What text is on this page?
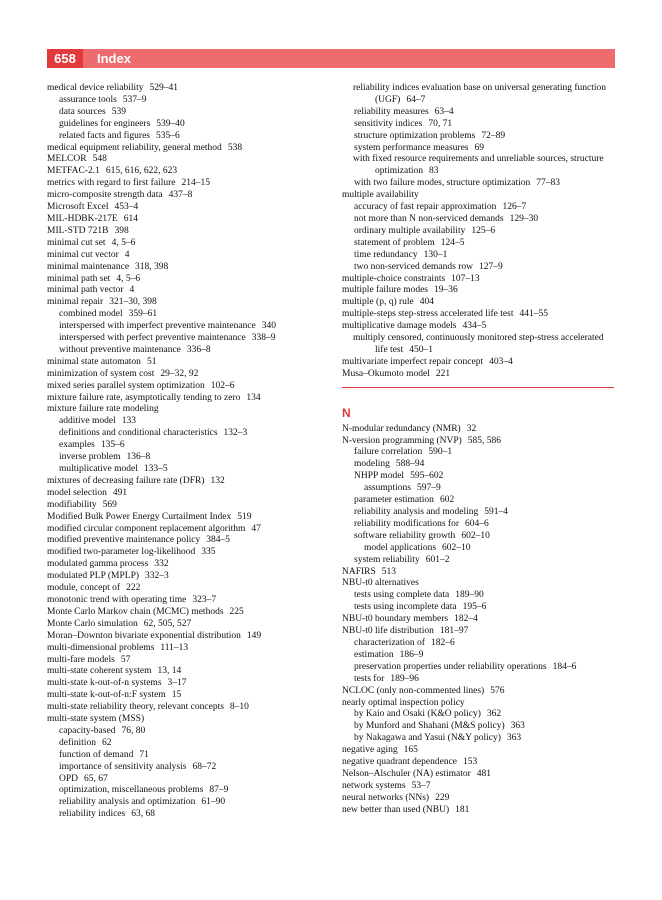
658	Index
medical device reliability 529–41
assurance tools 537–9
data sources 539
guidelines for engineers 539–40
related facts and figures 535–6
medical equipment reliability, general method 538
MELCOR 548
METFAC-2.1 615, 616, 622, 623
metrics with regard to first failure 214–15
micro-composite strength data 437–8
Microsoft Excel 453–4
MIL-HDBK-217E 614
MIL-STD 721B 398
minimal cut set 4, 5–6
minimal cut vector 4
minimal maintenance 318, 398
minimal path set 4, 5–6
minimal path vector 4
minimal repair 321–30, 398
combined model 359–61
interspersed with imperfect preventive maintenance 340
interspersed with perfect preventive maintenance 338–9
without preventive maintenance 336–8
minimal state automaton 51
minimization of system cost 29–32, 92
mixed series parallel system optimization 102–6
mixture failure rate, asymptotically tending to zero 134
mixture failure rate modeling
additive model 133
definitions and conditional characteristics 132–3
examples 135–6
inverse problem 136–8
multiplicative model 133–5
mixtures of decreasing failure rate (DFR) 132
model selection 491
modifiability 569
Modified Bulk Power Energy Curtailment Index 519
modified circular component replacement algorithm 47
modified preventive maintenance policy 384–5
modified two-parameter log-likelihood 335
modulated gamma process 332
modulated PLP (MPLP) 332–3
module, concept of 222
monotonic trend with operating time 323–7
Monte Carlo Markov chain (MCMC) methods 225
Monte Carlo simulation 62, 505, 527
Moran–Downton bivariate exponential distribution 149
multi-dimensional problems 111–13
multi-fare models 57
multi-state coherent system 13, 14
multi-state k-out-of-n systems 3–17
multi-state k-out-of-n:F system 15
multi-state reliability theory, relevant concepts 8–10
multi-state system (MSS)
capacity-based 76, 80
definition 62
function of demand 71
importance of sensitivity analysis 68–72
OPD 65, 67
optimization, miscellaneous problems 87–9
reliability analysis and optimization 61–90
reliability indices 63, 68
reliability indices evaluation base on universal generating function (UGF) 64–7
reliability measures 63–4
sensitivity indices 70, 71
structure optimization problems 72–89
system performance measures 69
with fixed resource requirements and unreliable sources, structure optimization 83
with two failure modes, structure optimization 77–83
multiple availability
accuracy of fast repair approximation 126–7
not more than N non-serviced demands 129–30
ordinary multiple availability 125–6
statement of problem 124–5
time redundancy 130–1
two non-serviced demands row 127–9
multiple-choice constraints 107–13
multiple failure modes 19–36
multiple (p, q) rule 404
multiple-steps step-stress accelerated life test 441–55
multiplicative damage models 434–5
multiply censored, continuously monitored step-stress accelerated life test 450–1
multivariate imperfect repair concept 403–4
Musa–Okumoto model 221
N
N-modular redundancy (NMR) 32
N-version programming (NVP) 585, 586
failure correlation 590–1
modeling 588–94
NHPP model 595–602
assumptions 597–9
parameter estimation 602
reliability analysis and modeling 591–4
reliability modifications for 604–6
software reliability growth 602–10
model applications 602–10
system reliability 601–2
NAFIRS 513
NBU-t0 alternatives
tests using complete data 189–90
tests using incomplete data 195–6
NBU-t0 boundary members 182–4
NBU-t0 life distribution 181–97
characterization of 182–6
estimation 186–9
preservation properties under reliability operations 184–6
tests for 189–96
NCLOC (only non-commented lines) 576
nearly optimal inspection policy
by Kaio and Osaki (K&O policy) 362
by Munford and Shahani (M&S policy) 363
by Nakagawa and Yasui (N&Y policy) 363
negative aging 165
negative quadrant dependence 153
Nelson–Alschuler (NA) estimator 481
network systems 53–7
neural networks (NNs) 229
new better than used (NBU) 181
